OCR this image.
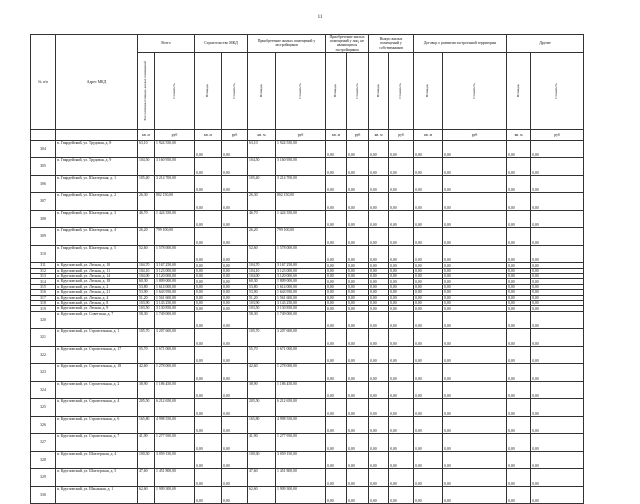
11
№ п/п	Адрес МКД	Всего		Строительство МКД		Приобретение жилых помещений у застройщиков		Приобретение жилых помещений у лиц, не являющихся застройщиком		Выкуп жилых помещений у собственников		Договор о развитии застроенной территории		Другие	

		Расселяемая площадь жилых помещений	Стоимость	Площадь	Стоимость	Площадь	Стоимость	Площадь	Стоимость	Площадь	Стоимость	Площадь	Стоимость	Площадь	Стоимость

		кв. м	руб	кв. м	руб	кв. м	руб	кв. м	руб	кв. м	руб	кв. м	руб	кв. м	руб
304	п. Гвардейский, ул. Трудовая, д. 8	63,10	1 924 550,00	0,00	0,00	63,10	1 924 550,00	0,00	0,00	0,00	0,00	0,00	0,00	0,00	0,00
305	п. Гвардейский, ул. Трудовая, д. 9	104,50	3 160 950,00	0,00	0,00	104,50	3 160 950,00	0,00	0,00	0,00	0,00	0,00	0,00	0,00	0,00
306	п. Гвардейский, ул. Шахтерская, д. 1	105,40	3 214 700,00	0,00	0,00	105,40	3 214 700,00	0,00	0,00	0,00	0,00	0,00	0,00	0,00	0,00
307	п. Гвардейский, ул. Шахтерская, д. 2	26,30	802 150,00	0,00	0,00	26,30	802 150,00	0,00	0,00	0,00	0,00	0,00	0,00	0,00	0,00
308	п. Гвардейский, ул. Шахтерская, д. 3	46,70	1 424 350,00	0,00	0,00	46,70	1 424 350,00	0,00	0,00	0,00	0,00	0,00	0,00	0,00	0,00
309	п. Гвардейский, ул. Шахтерская, д. 4	26,20	799 100,00	0,00	0,00	26,20	799 100,00	0,00	0,00	0,00	0,00	0,00	0,00	0,00	0,00
310	п. Гвардейский, ул. Шахтерская, д. 5	52,60	1 578 000,00	0,00	0,00	52,60	1 578 000,00	0,00	0,00	0,00	0,00	0,00	0,00	0,00	0,00
311	п. Кругловский, ул. Лесная, д. 10	104,70	3 167 250,00	0,00	0,00	104,70	3 167 250,00	0,00	0,00	0,00	0,00	0,00	0,00	0,00	0,00
312	п. Кругловский, ул. Лесная, д. 11	104,10	3 123 000,00	0,00	0,00	104,10	3 123 000,00	0,00	0,00	0,00	0,00	0,00	0,00	0,00	0,00
313	п. Кругловский, ул. Лесная, д. 14	104,00	3 120 000,00	0,00	0,00	104,00	3 120 000,00	0,00	0,00	0,00	0,00	0,00	0,00	0,00	0,00
314	п. Кругловский, ул. Лесная, д. 18	60,30	1 809 000,00	0,00	0,00	60,30	1 809 000,00	0,00	0,00	0,00	0,00	0,00	0,00	0,00	0,00
315	п. Кругловский, ул. Лесная, д. 2	53,80	1 614 000,00	0,00	0,00	53,80	1 614 000,00	0,00	0,00	0,00	0,00	0,00	0,00	0,00	0,00
316	п. Кругловский, ул. Лесная, д. 21	53,90	1 643 950,00	0,00	0,00	53,90	1 643 950,00	0,00	0,00	0,00	0,00	0,00	0,00	0,00	0,00
317	п. Кругловский, ул. Лесная, д. 4	51,20	1 561 600,00	0,00	0,00	51,20	1 561 600,00	0,00	0,00	0,00	0,00	0,00	0,00	0,00	0,00
318	п. Кругловский, ул. Лесная, д. 8	103,90	3 143 250,00	0,00	0,00	103,90	3 143 250,00	0,00	0,00	0,00	0,00	0,00	0,00	0,00	0,00
319	п. Кругловский, ул. Лесная, д. 9	103,50	3 130 850,00	0,00	0,00	103,50	3 130 850,00	0,00	0,00	0,00	0,00	0,00	0,00	0,00	0,00
320	п. Кругловский, ул. Советская, д. 7	58,30	1 749 000,00	0,00	0,00	58,30	1 749 000,00	0,00	0,00	0,00	0,00	0,00	0,00	0,00	0,00
321	п. Кругловский, ул. Строительная, д. 1	105,70	3 207 600,00	0,00	0,00	105,70	3 207 600,00	0,00	0,00	0,00	0,00	0,00	0,00	0,00	0,00
322	п. Кругловский, ул. Строительная, д. 17	55,70	1 671 000,00	0,00	0,00	55,70	1 671 000,00	0,00	0,00	0,00	0,00	0,00	0,00	0,00	0,00
323	п. Кругловский, ул. Строительная, д. 18	42,60	1 278 000,00	0,00	0,00	42,60	1 278 000,00	0,00	0,00	0,00	0,00	0,00	0,00	0,00	0,00
324	п. Кругловский, ул. Строительная, д. 2	38,90	1 186 450,00	0,00	0,00	38,90	1 186 450,00	0,00	0,00	0,00	0,00	0,00	0,00	0,00	0,00
325	п. Кругловский, ул. Строительная, д. 4	205,50	6 212 650,00	0,00	0,00	205,50	6 212 650,00	0,00	0,00	0,00	0,00	0,00	0,00	0,00	0,00
326	п. Кругловский, ул. Строительная, д. 6	165,80	4 998 550,00	0,00	0,00	165,80	4 998 550,00	0,00	0,00	0,00	0,00	0,00	0,00	0,00	0,00
327	п. Кругловский, ул. Строительная, д. 7	41,90	1 277 950,00	0,00	0,00	41,90	1 277 950,00	0,00	0,00	0,00	0,00	0,00	0,00	0,00	0,00
328	п. Кругловский, ул. Шахтерская, д. 4	100,30	3 059 150,00	0,00	0,00	100,30	3 059 150,00	0,00	0,00	0,00	0,00	0,00	0,00	0,00	0,00
329	п. Кругловский, ул. Шахтерская, д. 5	47,60	1 451 800,00	0,00	0,00	47,60	1 451 800,00	0,00	0,00	0,00	0,00	0,00	0,00	0,00	0,00
330	п. Кругловский, ул. Школьная, д. 1	62,60	1 909 300,00	0,00	0,00	62,60	1 909 300,00	0,00	0,00	0,00	0,00	0,00	0,00	0,00	0,00
